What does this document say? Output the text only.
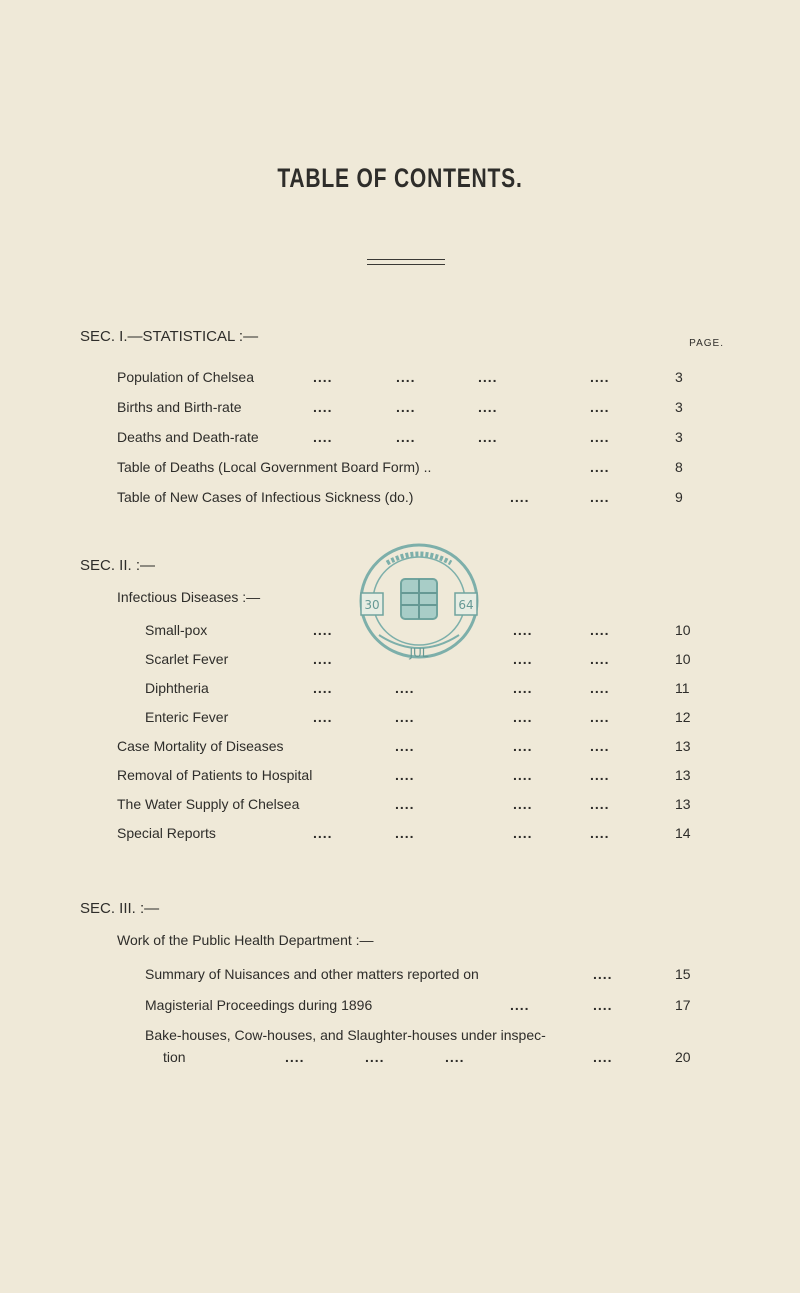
TABLE OF CONTENTS.
SEC. I.—STATISTICAL :—	PAGE.
Population of Chelsea	....	....	....	....	3
Births and Birth-rate	....	....	....	....	3
Deaths and Death-rate	....	....	....	....	3
Table of Deaths (Local Government Board Form) ..	....	8
Table of New Cases of Infectious Sickness (do.)	....	....	9
SEC. II. :—
Infectious Diseases :—	30	64
JUL
Small-pox	....	....	....	10
Scarlet Fever	....	....	....	10
Diphtheria	....	....	....	....	11
Enteric Fever	....	....	....	....	12
Case Mortality of Diseases	....	....	....	13
Removal of Patients to Hospital	....	....	....	13
The Water Supply of Chelsea	....	....	....	13
Special Reports	....	....	....	....	14
SEC. III. :—
Work of the Public Health Department :—
Summary of Nuisances and other matters reported on	....	15
Magisterial Proceedings during 1896	....	....	17
Bake-houses, Cow-houses, and Slaughter-houses under inspec-
tion	....	....	....	....	20
